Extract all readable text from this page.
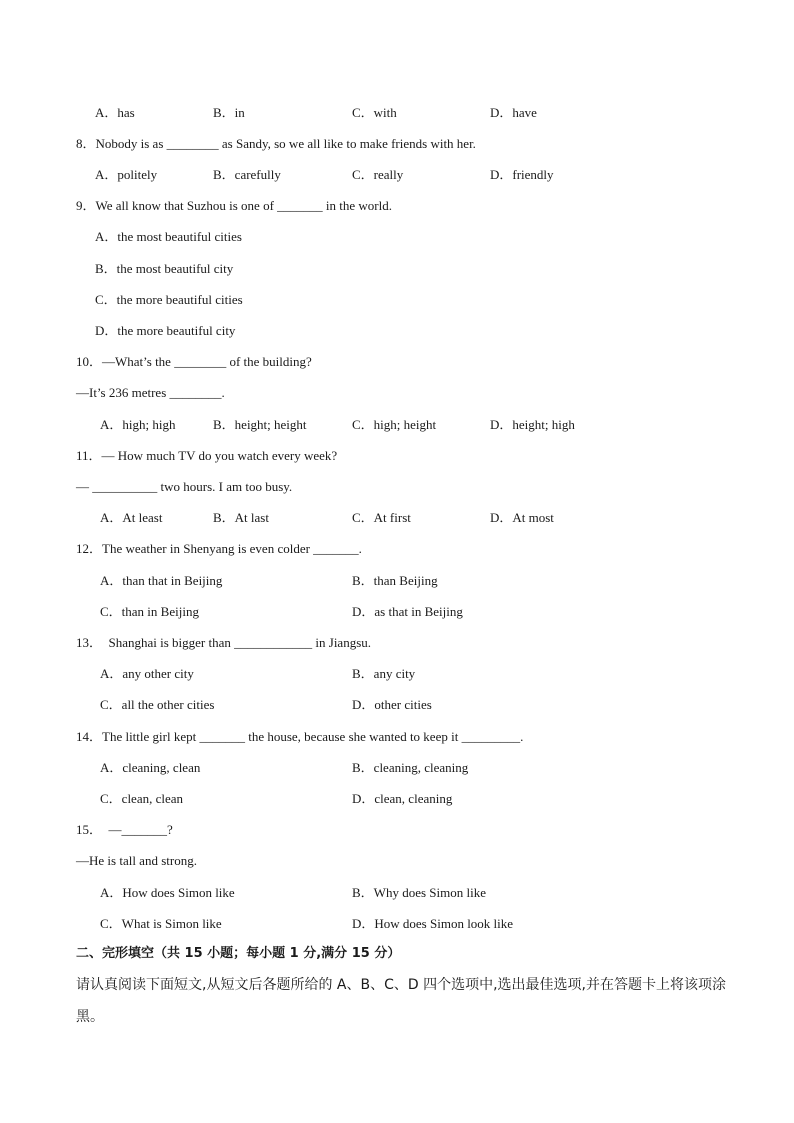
A．has	B．in	C．with	D．have
8．Nobody is as ________ as Sandy, so we all like to make friends with her.
A．politely	B．carefully	C．really	D．friendly
9．We all know that Suzhou is one of _______ in the world.
A．the most beautiful cities
B．the most beautiful city
C．the more beautiful cities
D．the more beautiful city
10．—What’s the ________ of the building?
—It’s 236 metres ________.
A．high; high	B．height; height	C．high; height	D．height; high
11．— How much TV do you watch every week?
— __________ two hours. I am too busy.
A．At least	B．At last	C．At first	D．At most
12．The weather in Shenyang is even colder _______.
A．than that in Beijing	B．than Beijing
C．than in Beijing	D．as that in Beijing
13．  Shanghai is bigger than ____________ in Jiangsu.
A．any other city	B．any city
C．all the other cities	D．other cities
14．The little girl kept _______ the house, because she wanted to keep it _________.
A．cleaning, clean	B．cleaning, cleaning
C．clean, clean	D．clean, cleaning
15．  —_______?
—He is tall and strong.
A．How does Simon like	B．Why does Simon like
C．What is Simon like	D．How does Simon look like
二、完形填空（共 15 小题；每小题 1 分,满分 15 分）
请认真阅读下面短文,从短文后各题所给的 A、B、C、D 四个选项中,选出最佳选项,并在答题卡上将该项涂
黑。
